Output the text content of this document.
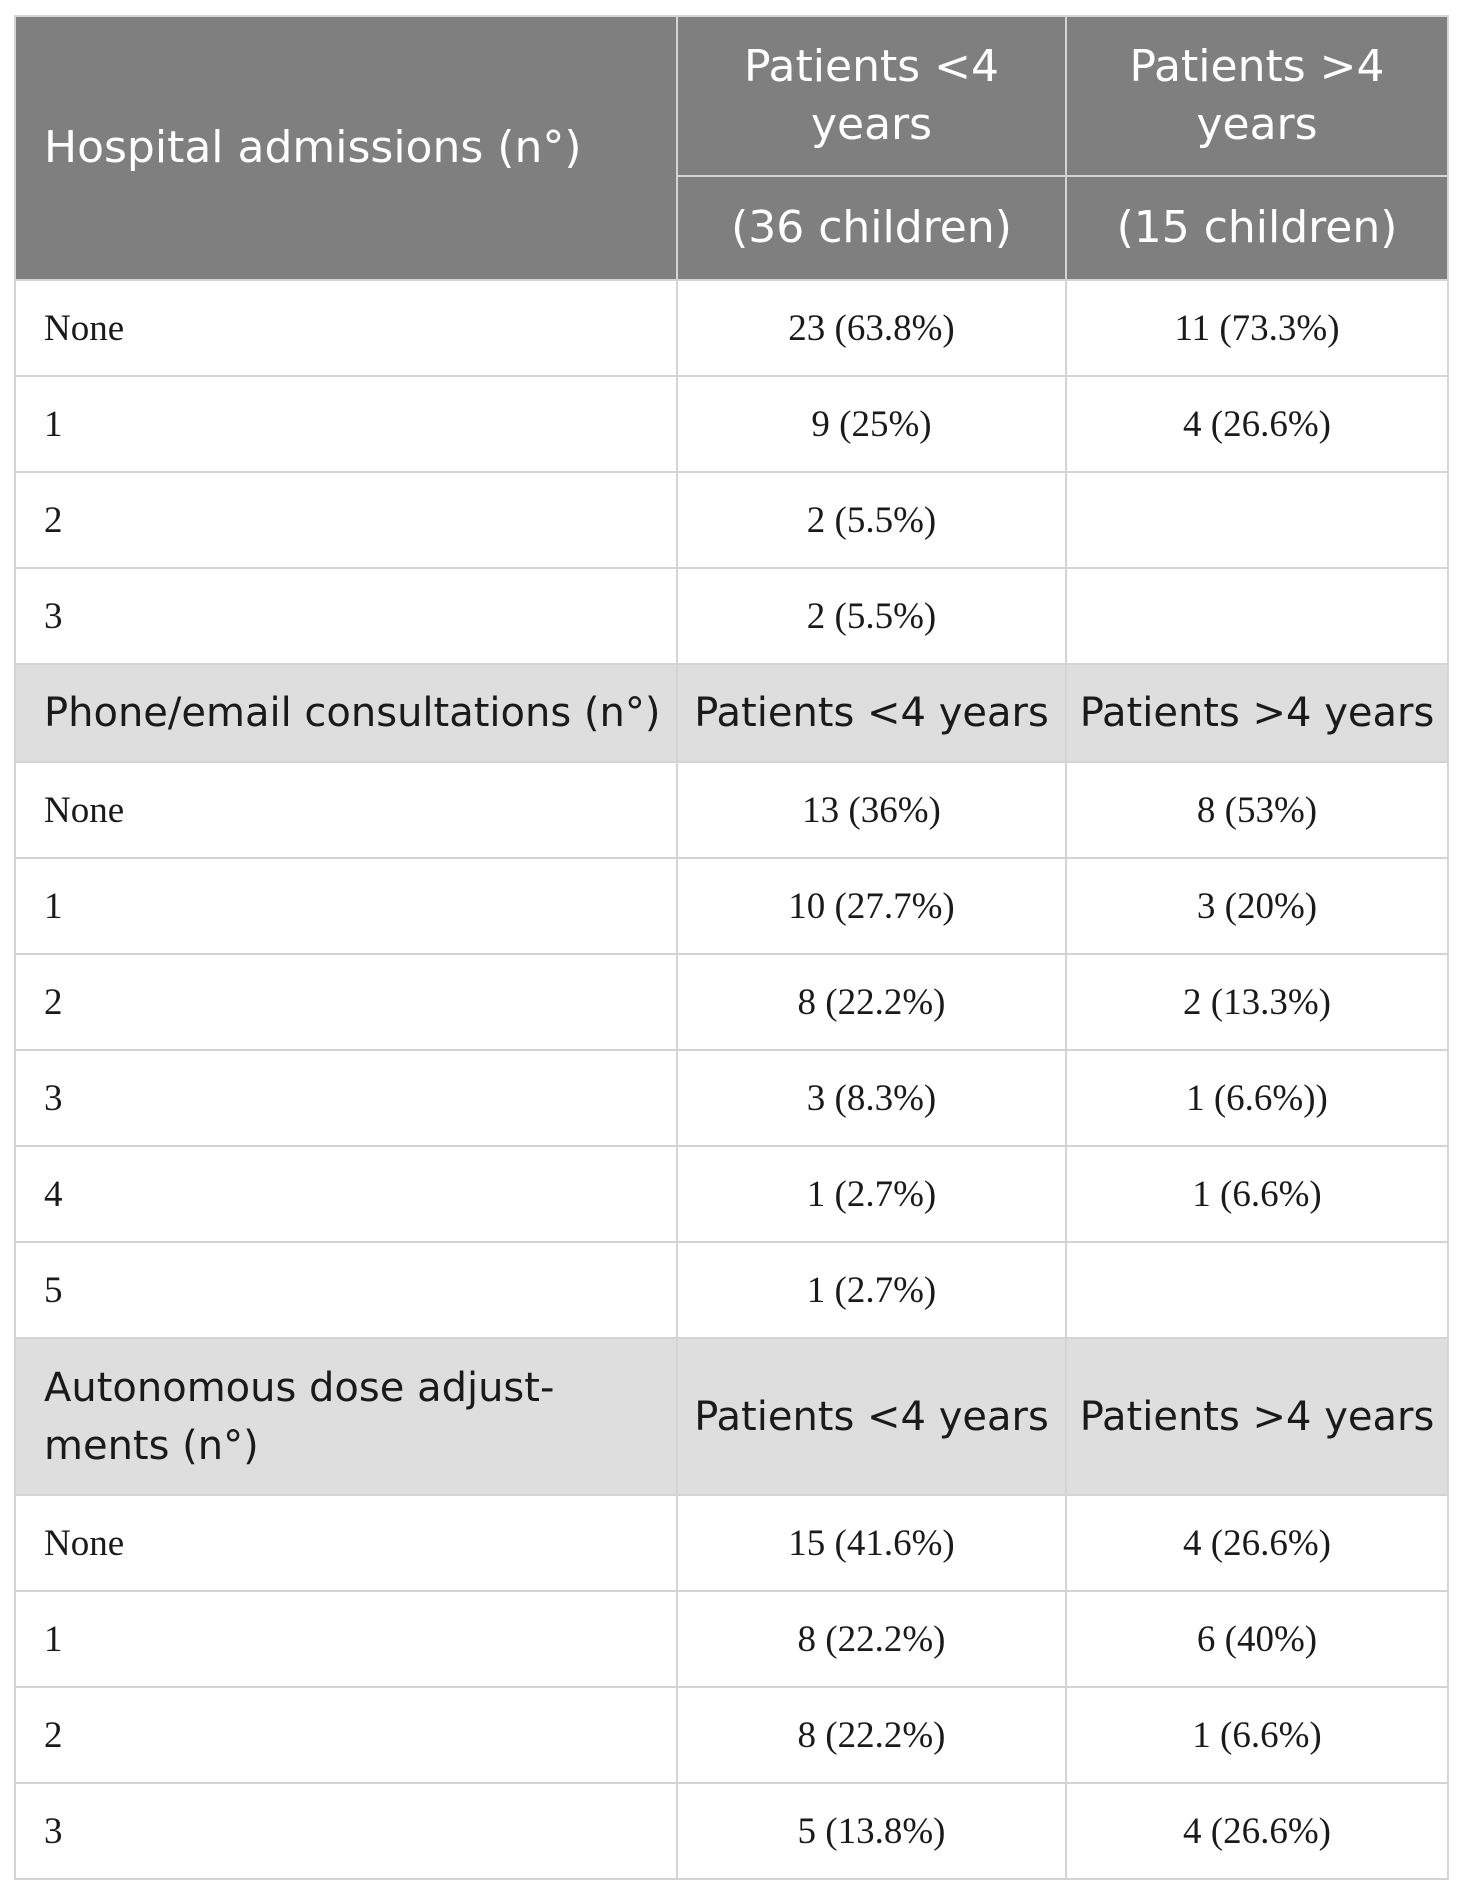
Hospital admissions (n°)	Patients <4 years	Patients >4 years
	(36 children)	(15 children)
None	23 (63.8%)	11 (73.3%)
1	9 (25%)	4 (26.6%)
2	2 (5.5%)	
3	2 (5.5%)	
Phone/email consultations (n°)	Patients <4 years	Patients >4 years
None	13 (36%)	8 (53%)
1	10 (27.7%)	3 (20%)
2	8 (22.2%)	2 (13.3%)
3	3 (8.3%)	1 (6.6%))
4	1 (2.7%)	1 (6.6%)
5	1 (2.7%)	
Autonomous dose adjust-
ments (n°)	Patients <4 years	Patients >4 years
None	15 (41.6%)	4 (26.6%)
1	8 (22.2%)	6 (40%)
2	8 (22.2%)	1 (6.6%)
3	5 (13.8%)	4 (26.6%)
